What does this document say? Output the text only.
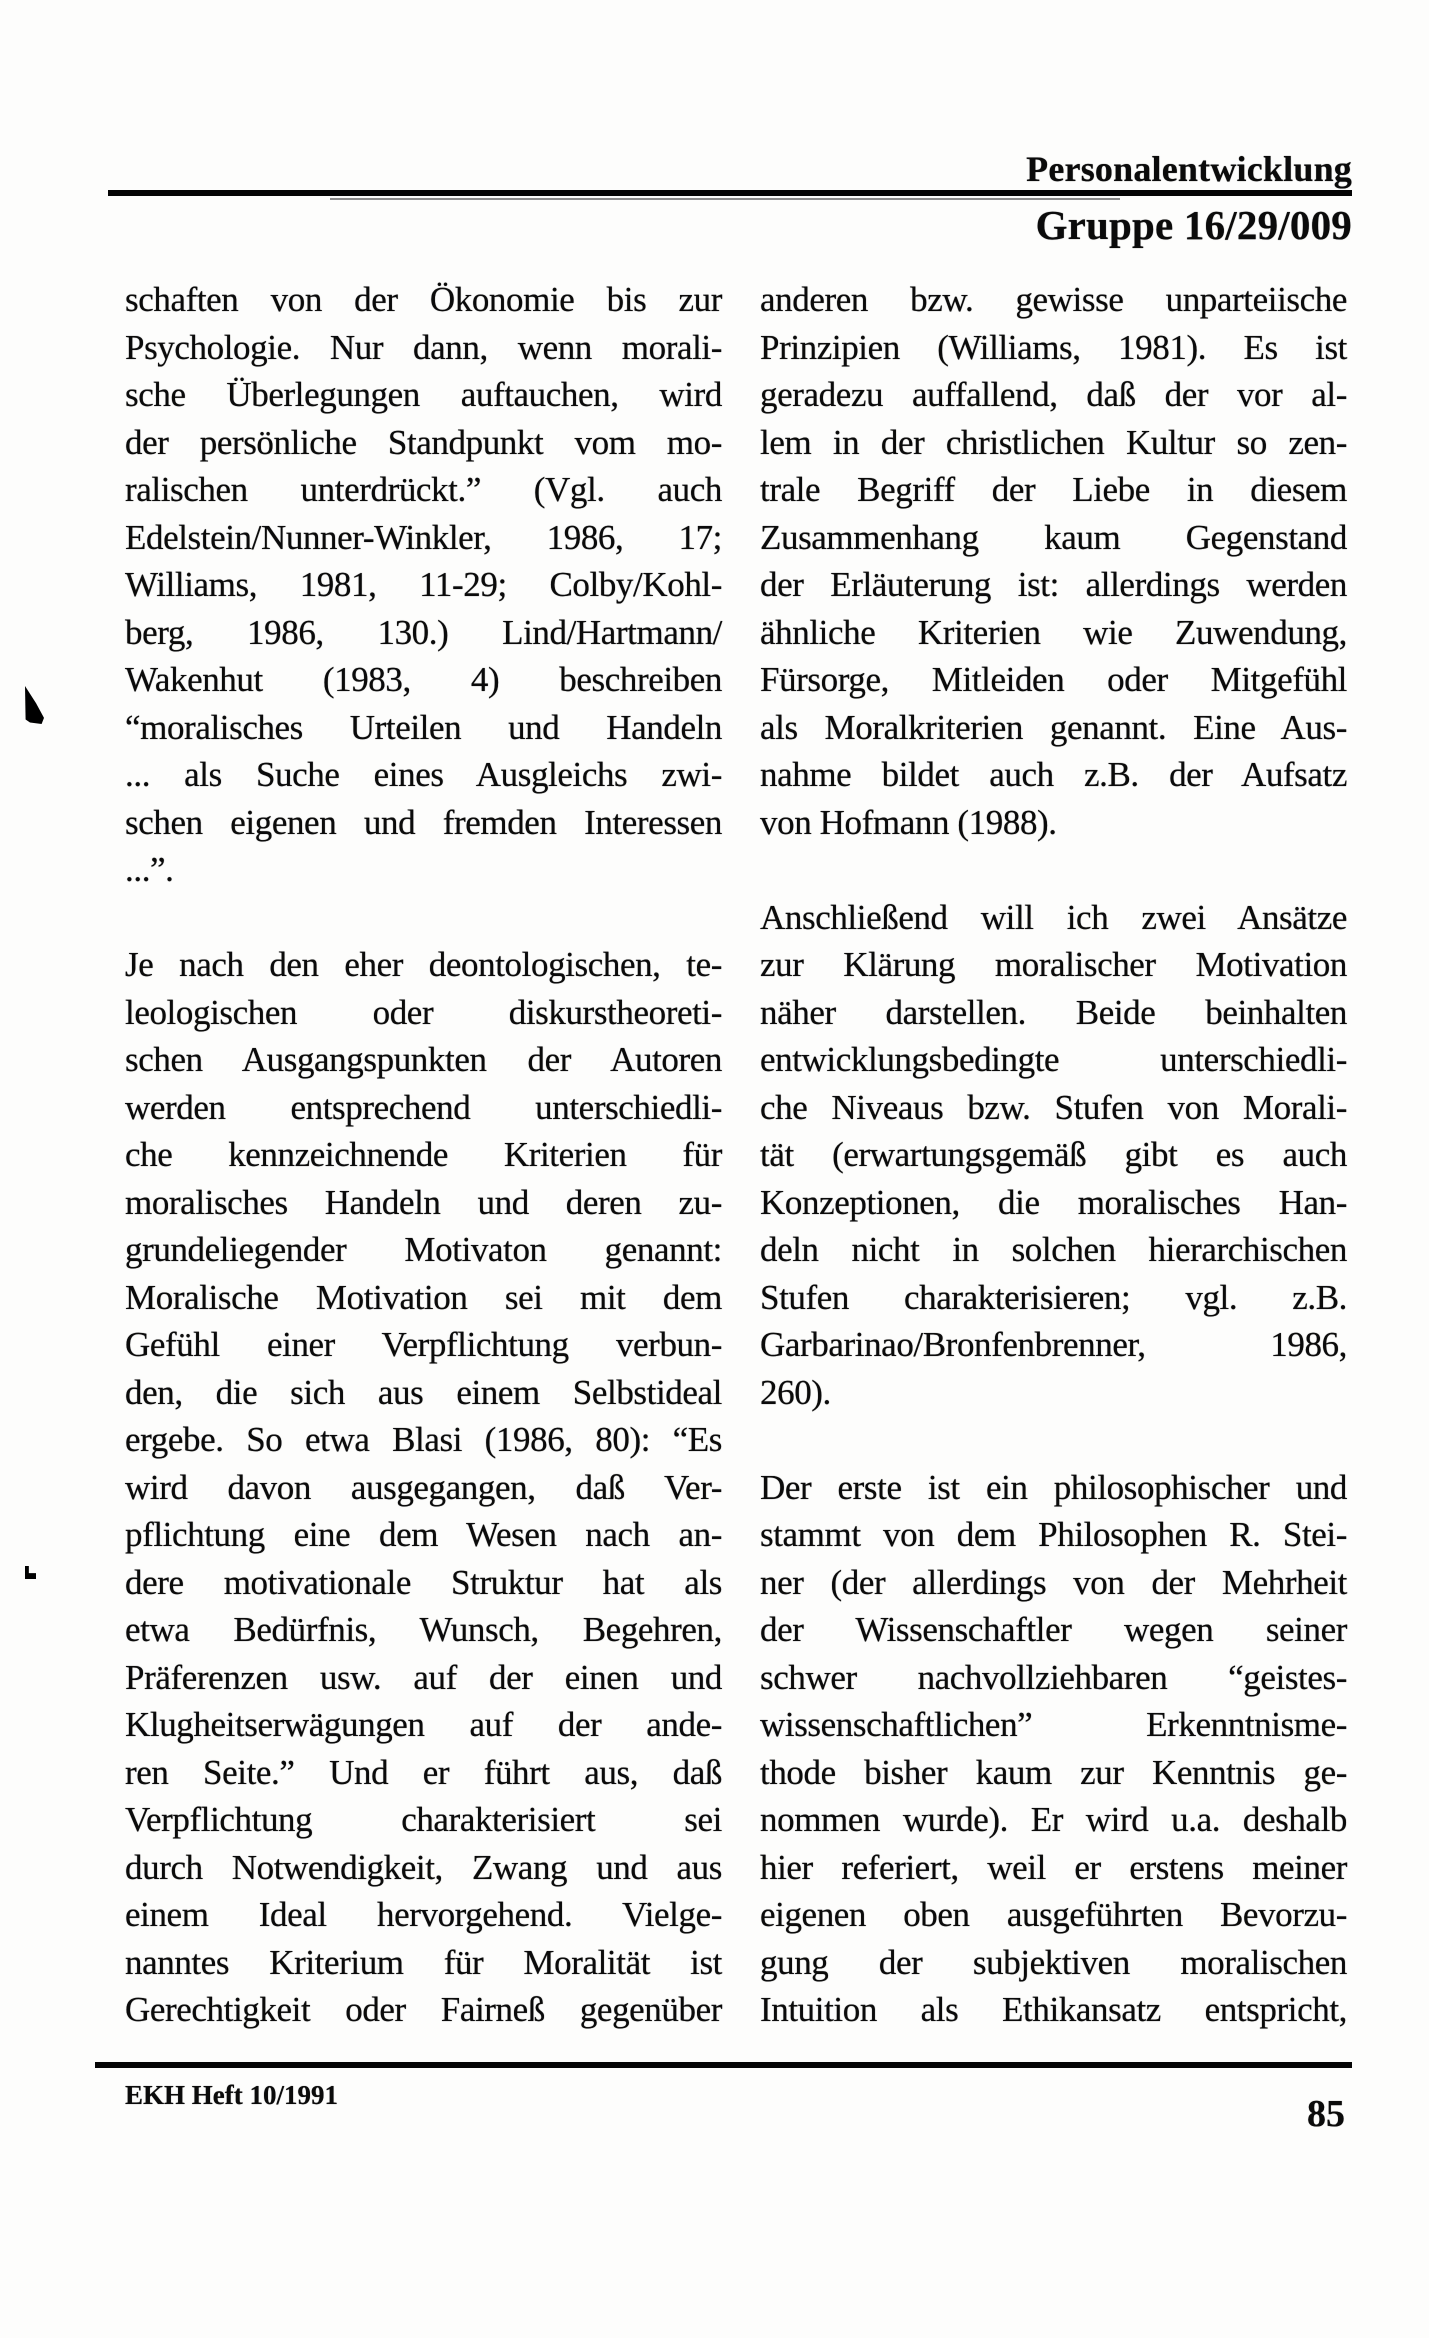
Personalentwicklung
Gruppe 16/29/009
schaften von der Ökonomie bis zur
Psychologie. Nur dann, wenn morali-
sche Überlegungen auftauchen, wird
der persönliche Standpunkt vom mo-
ralischen unterdrückt.” (Vgl. auch
Edelstein/Nunner-Winkler, 1986, 17;
Williams, 1981, 11-29; Colby/Kohl-
berg, 1986, 130.) Lind/Hartmann/
Wakenhut (1983, 4) beschreiben
“moralisches Urteilen und Handeln
... als Suche eines Ausgleichs zwi-
schen eigenen und fremden Interessen
...”.
Je nach den eher deontologischen, te-
leologischen oder diskurstheoreti-
schen Ausgangspunkten der Autoren
werden entsprechend unterschiedli-
che kennzeichnende Kriterien für
moralisches Handeln und deren zu-
grundeliegender Motivaton genannt:
Moralische Motivation sei mit dem
Gefühl einer Verpflichtung verbun-
den, die sich aus einem Selbstideal
ergebe. So etwa Blasi (1986, 80): “Es
wird davon ausgegangen, daß Ver-
pflichtung eine dem Wesen nach an-
dere motivationale Struktur hat als
etwa Bedürfnis, Wunsch, Begehren,
Präferenzen usw. auf der einen und
Klugheitserwägungen auf der ande-
ren Seite.” Und er führt aus, daß
Verpflichtung charakterisiert sei
durch Notwendigkeit, Zwang und aus
einem Ideal hervorgehend. Vielge-
nanntes Kriterium für Moralität ist
Gerechtigkeit oder Fairneß gegenüber
anderen bzw. gewisse unparteiische
Prinzipien (Williams, 1981). Es ist
geradezu auffallend, daß der vor al-
lem in der christlichen Kultur so zen-
trale Begriff der Liebe in diesem
Zusammenhang kaum Gegenstand
der Erläuterung ist: allerdings werden
ähnliche Kriterien wie Zuwendung,
Fürsorge, Mitleiden oder Mitgefühl
als Moralkriterien genannt. Eine Aus-
nahme bildet auch z.B. der Aufsatz
von Hofmann (1988).
Anschließend will ich zwei Ansätze
zur Klärung moralischer Motivation
näher darstellen. Beide beinhalten
entwicklungsbedingte unterschiedli-
che Niveaus bzw. Stufen von Morali-
tät (erwartungsgemäß gibt es auch
Konzeptionen, die moralisches Han-
deln nicht in solchen hierarchischen
Stufen charakterisieren; vgl. z.B.
Garbarinao/Bronfenbrenner, 1986,
260).
Der erste ist ein philosophischer und
stammt von dem Philosophen R. Stei-
ner (der allerdings von der Mehrheit
der Wissenschaftler wegen seiner
schwer nachvollziehbaren “geistes-
wissenschaftlichen” Erkenntnisme-
thode bisher kaum zur Kenntnis ge-
nommen wurde). Er wird u.a. deshalb
hier referiert, weil er erstens meiner
eigenen oben ausgeführten Bevorzu-
gung der subjektiven moralischen
Intuition als Ethikansatz entspricht,
EKH Heft 10/1991	85
